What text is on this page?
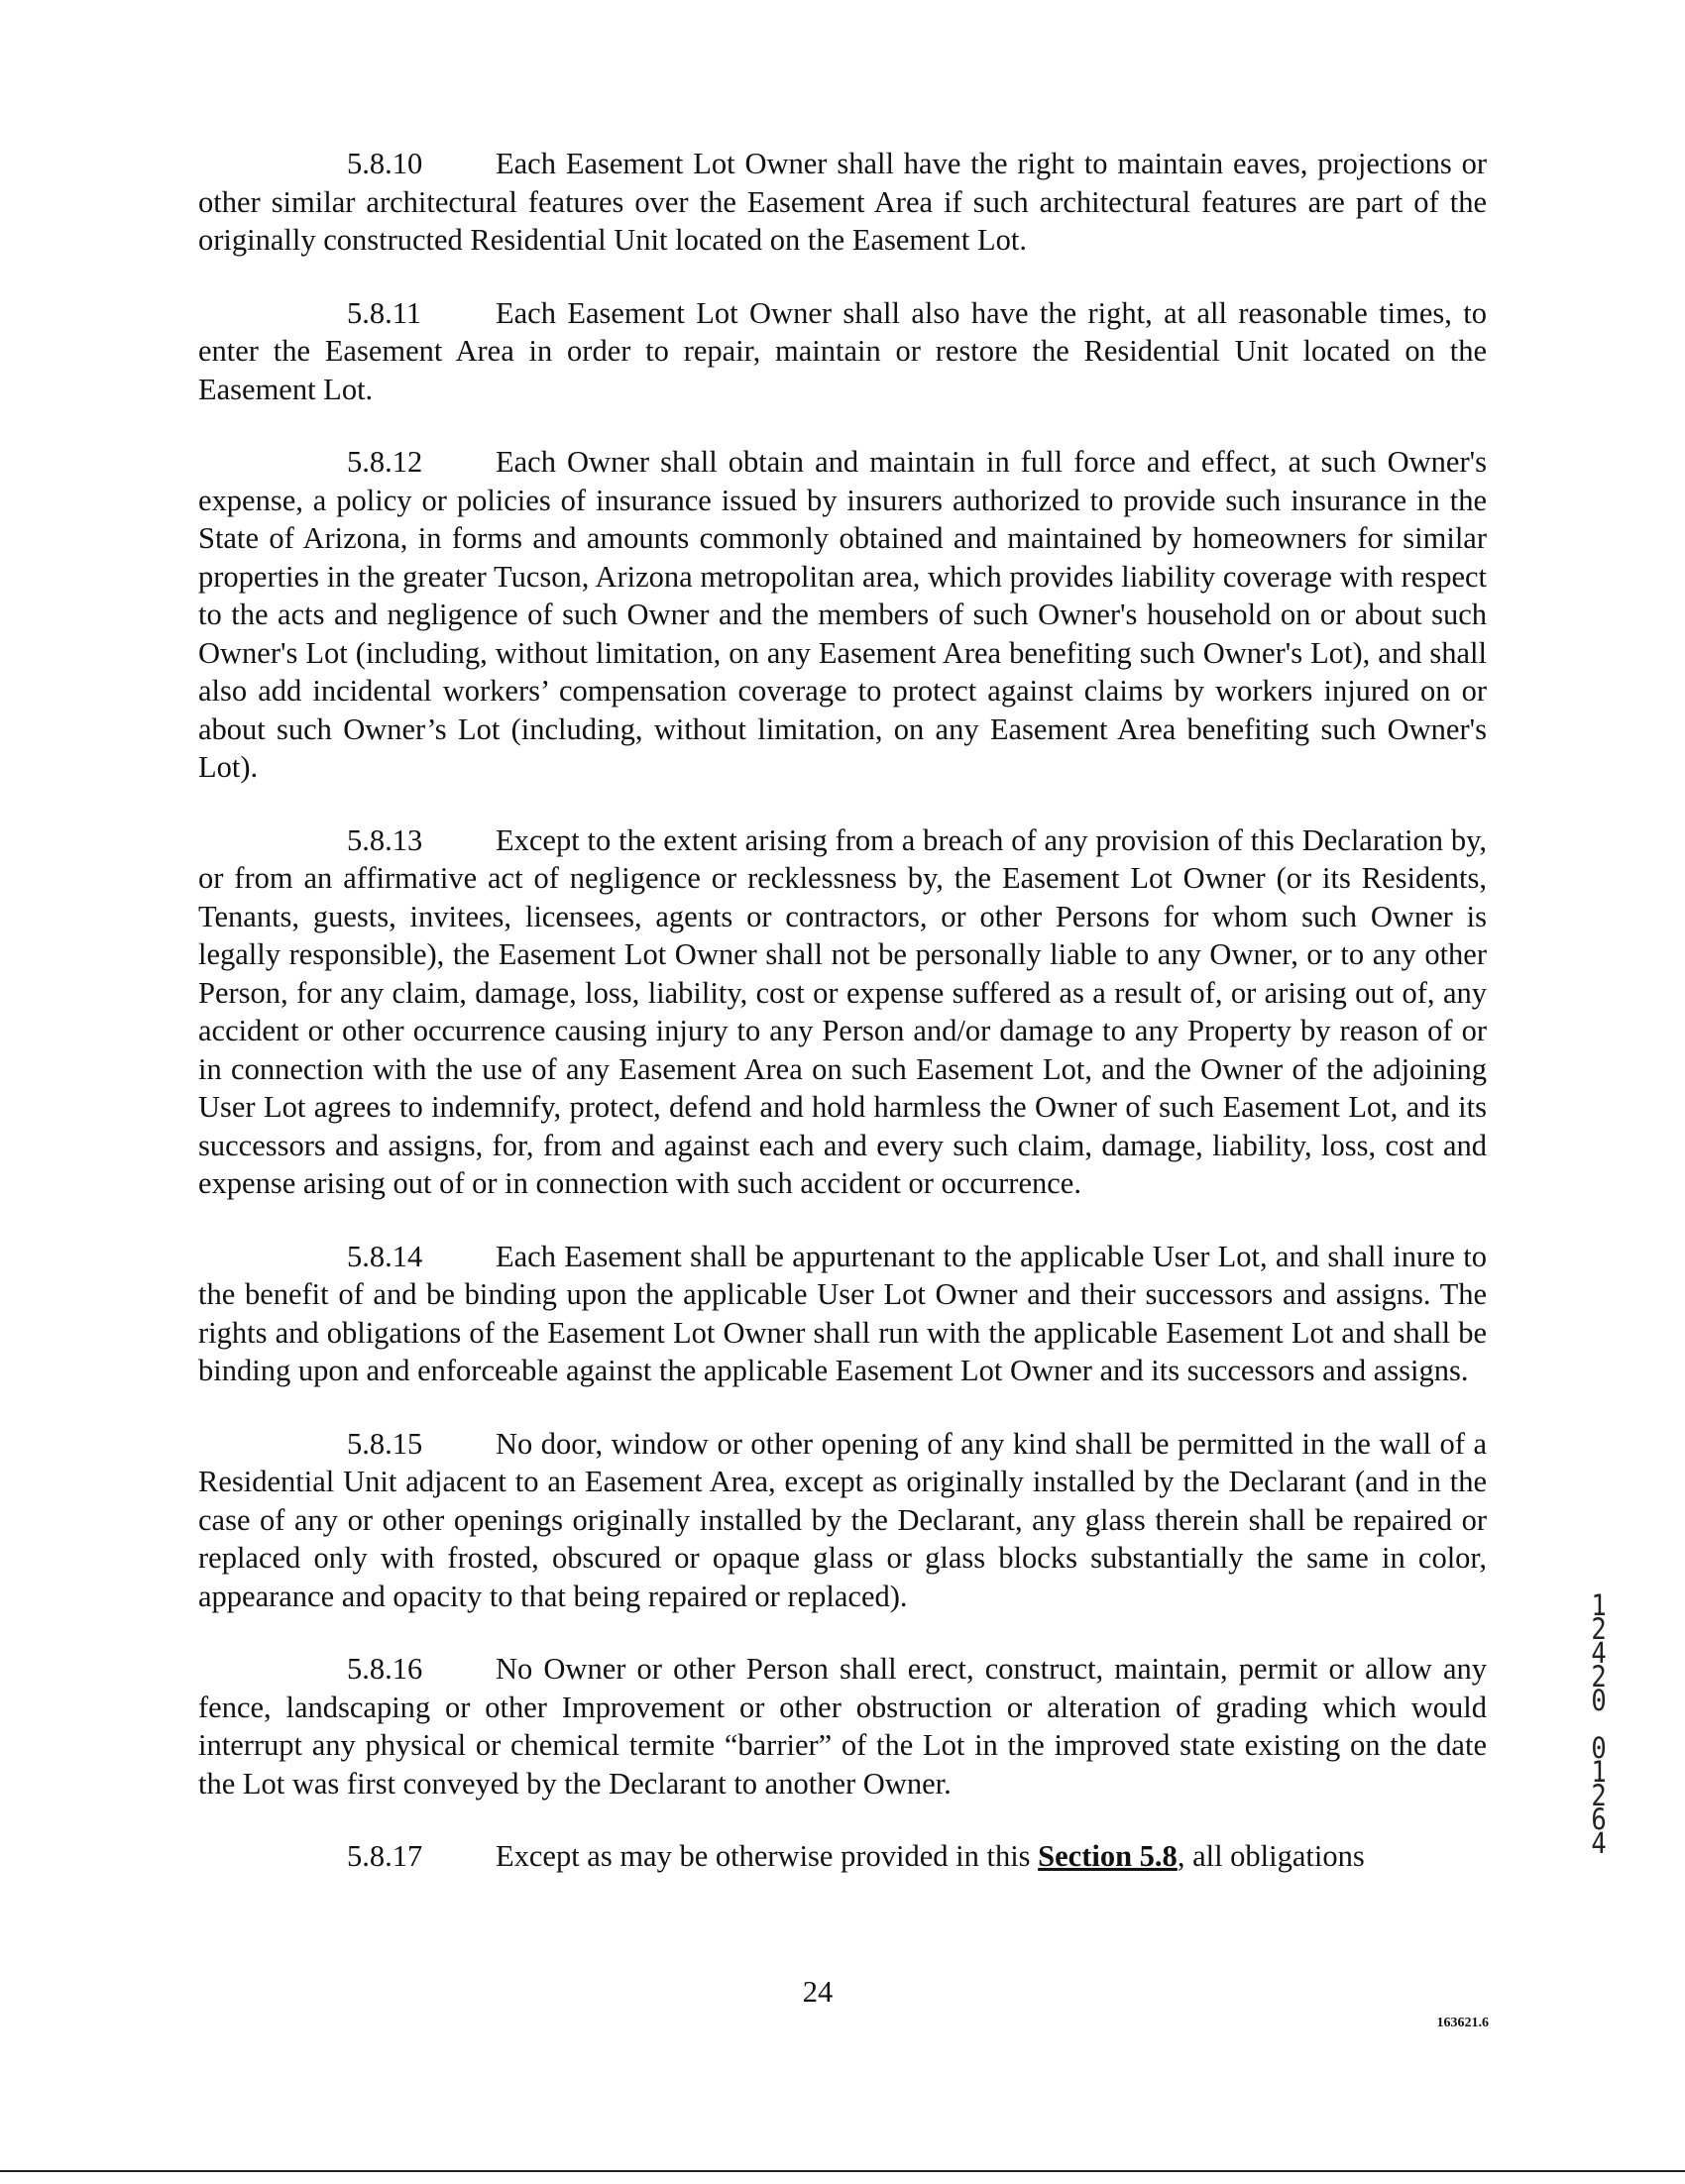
5.8.10 Each Easement Lot Owner shall have the right to maintain eaves, projections or other similar architectural features over the Easement Area if such architectural features are part of the originally constructed Residential Unit located on the Easement Lot.

5.8.11 Each Easement Lot Owner shall also have the right, at all reasonable times, to enter the Easement Area in order to repair, maintain or restore the Residential Unit located on the Easement Lot.

5.8.12 Each Owner shall obtain and maintain in full force and effect, at such Owner's expense, a policy or policies of insurance issued by insurers authorized to provide such insurance in the State of Arizona, in forms and amounts commonly obtained and maintained by homeowners for similar properties in the greater Tucson, Arizona metropolitan area, which provides liability coverage with respect to the acts and negligence of such Owner and the members of such Owner's household on or about such Owner's Lot (including, without limitation, on any Easement Area benefiting such Owner's Lot), and shall also add incidental workers’ compensation coverage to protect against claims by workers injured on or about such Owner’s Lot (including, without limitation, on any Easement Area benefiting such Owner's Lot).

5.8.13 Except to the extent arising from a breach of any provision of this Declaration by, or from an affirmative act of negligence or recklessness by, the Easement Lot Owner (or its Residents, Tenants, guests, invitees, licensees, agents or contractors, or other Persons for whom such Owner is legally responsible), the Easement Lot Owner shall not be personally liable to any Owner, or to any other Person, for any claim, damage, loss, liability, cost or expense suffered as a result of, or arising out of, any accident or other occurrence causing injury to any Person and/or damage to any Property by reason of or in connection with the use of any Easement Area on such Easement Lot, and the Owner of the adjoining User Lot agrees to indemnify, protect, defend and hold harmless the Owner of such Easement Lot, and its successors and assigns, for, from and against each and every such claim, damage, liability, loss, cost and expense arising out of or in connection with such accident or occurrence.

5.8.14 Each Easement shall be appurtenant to the applicable User Lot, and shall inure to the benefit of and be binding upon the applicable User Lot Owner and their successors and assigns. The rights and obligations of the Easement Lot Owner shall run with the applicable Easement Lot and shall be binding upon and enforceable against the applicable Easement Lot Owner and its successors and assigns.

5.8.15 No door, window or other opening of any kind shall be permitted in the wall of a Residential Unit adjacent to an Easement Area, except as originally installed by the Declarant (and in the case of any or other openings originally installed by the Declarant, any glass therein shall be repaired or replaced only with frosted, obscured or opaque glass or glass blocks substantially the same in color, appearance and opacity to that being repaired or replaced).

5.8.16 No Owner or other Person shall erect, construct, maintain, permit or allow any fence, landscaping or other Improvement or other obstruction or alteration of grading which would interrupt any physical or chemical termite “barrier” of the Lot in the improved state existing on the date the Lot was first conveyed by the Declarant to another Owner.

5.8.17 Except as may be otherwise provided in this Section 5.8, all obligations

24
163621.6
1
2
4
2
0
0
1
2
6
4
